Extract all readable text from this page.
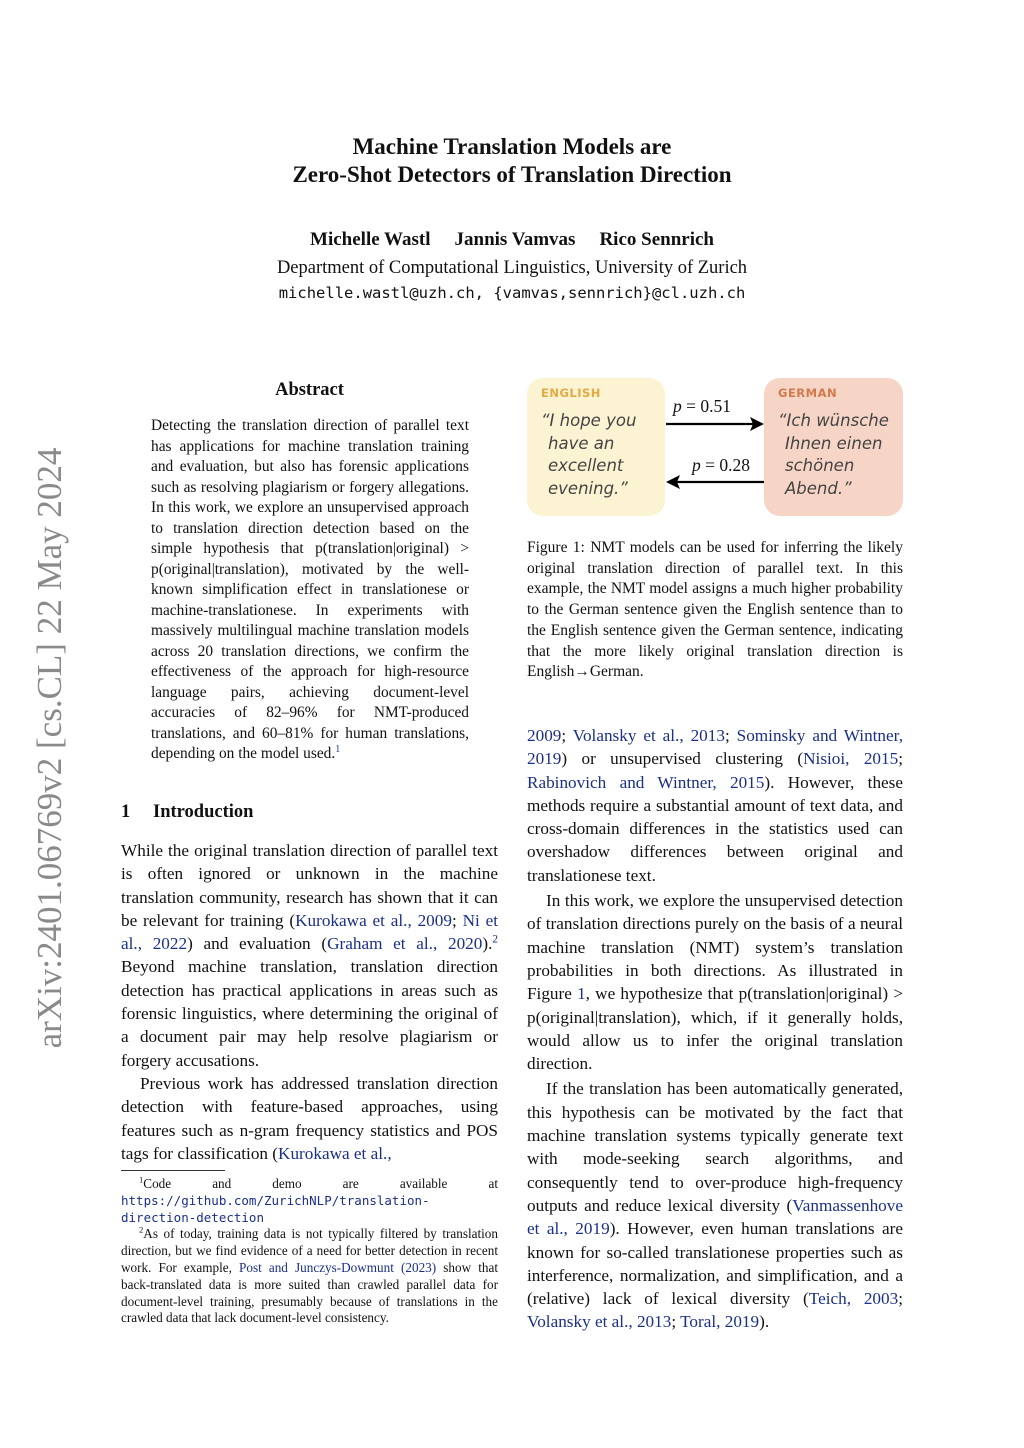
arXiv:2401.06769v2 [cs.CL] 22 May 2024
Machine Translation Models are
Zero-Shot Detectors of Translation Direction
Michelle Wastl Jannis Vamvas Rico Sennrich
Department of Computational Linguistics, University of Zurich
michelle.wastl@uzh.ch, {vamvas,sennrich}@cl.uzh.ch
Abstract
Detecting the translation direction of parallel text has applications for machine translation training and evaluation, but also has forensic applications such as resolving plagiarism or forgery allegations. In this work, we explore an unsupervised approach to translation direction detection based on the simple hypothesis that p(translation|original) > p(original|translation), motivated by the well-known simplification effect in translationese or machine-translationese. In experiments with massively multilingual machine translation models across 20 translation directions, we confirm the effectiveness of the approach for high-resource language pairs, achieving document-level accuracies of 82–96% for NMT-produced translations, and 60–81% for human translations, depending on the model used.$^1$
1 Introduction

While the original translation direction of parallel text is often ignored or unknown in the machine translation community, research has shown that it can be relevant for training (Kurokawa et al., 2009; Ni et al., 2022) and evaluation (Graham et al., 2020).$^2$ Beyond machine translation, translation direction detection has practical applications in areas such as forensic linguistics, where determining the original of a document pair may help resolve plagiarism or forgery accusations.

Previous work has addressed translation direction detection with feature-based approaches, using features such as n-gram frequency statistics and POS tags for classification (Kurokawa et al.,

$^1$Code and demo are available at https://github.com/ZurichNLP/translation-direction-detection

$^2$As of today, training data is not typically filtered by translation direction, but we find evidence of a need for better detection in recent work. For example, Post and Junczys-Dowmunt (2023) show that back-translated data is more suited than crawled parallel data for document-level training, presumably because of translations in the crawled data that lack document-level consistency.

ENGLISH
“I hope you
have an
excellent
evening.”
GERMAN
“Ich wünsche
Ihnen einen
schönen
Abend.”
p = 0.51
p = 0.28
Figure 1: NMT models can be used for inferring the likely original translation direction of parallel text. In this example, the NMT model assigns a much higher probability to the German sentence given the English sentence than to the English sentence given the German sentence, indicating that the more likely original translation direction is English→German.

2009; Volansky et al., 2013; Sominsky and Wintner, 2019) or unsupervised clustering (Nisioi, 2015; Rabinovich and Wintner, 2015). However, these methods require a substantial amount of text data, and cross-domain differences in the statistics used can overshadow differences between original and translationese text.

In this work, we explore the unsupervised detection of translation directions purely on the basis of a neural machine translation (NMT) system’s translation probabilities in both directions. As illustrated in Figure 1, we hypothesize that p(translation|original) > p(original|translation), which, if it generally holds, would allow us to infer the original translation direction.

If the translation has been automatically generated, this hypothesis can be motivated by the fact that machine translation systems typically generate text with mode-seeking search algorithms, and consequently tend to over-produce high-frequency outputs and reduce lexical diversity (Vanmassenhove et al., 2019). However, even human translations are known for so-called translationese properties such as interference, normalization, and simplification, and a (relative) lack of lexical diversity (Teich, 2003; Volansky et al., 2013; Toral, 2019).
